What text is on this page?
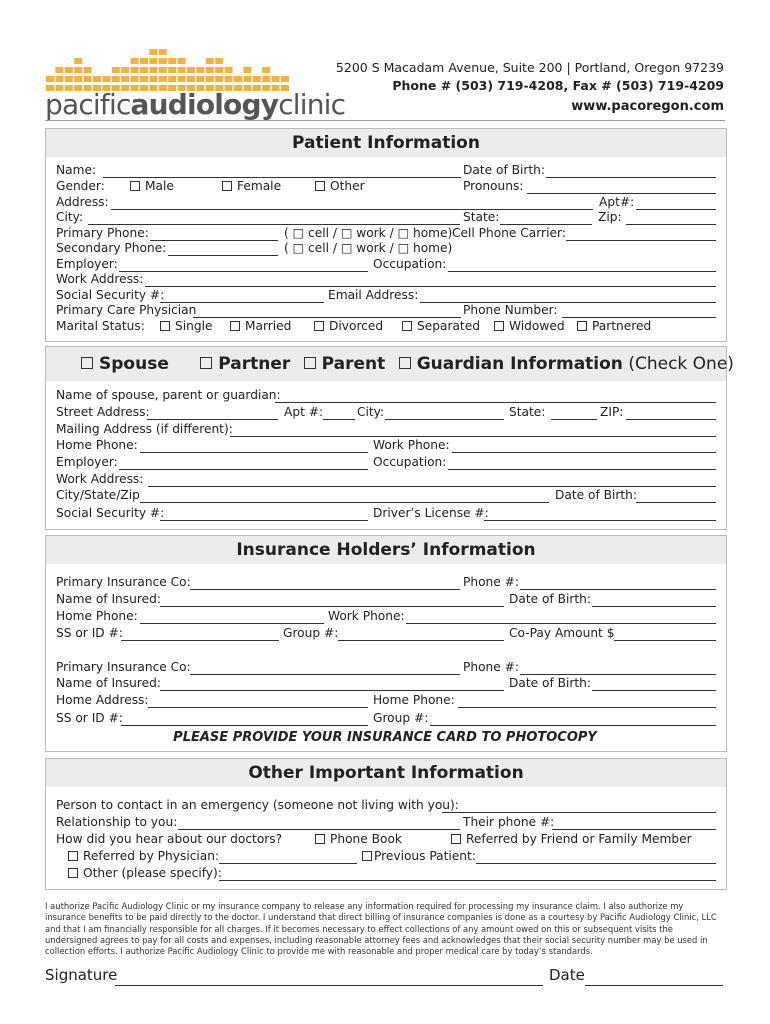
pacificaudiologyclinic
5200 S Macadam Avenue, Suite 200 | Portland, Oregon 97239
Phone # (503) 719-4208, Fax # (503) 719-4209
www.pacoregon.com
Patient Information
Name:	Date of Birth:
Gender:	Male	Female	Other	Pronouns:
Address:	Apt#:
City:	State:	Zip:
Primary Phone:	( □ cell / □ work / □ home) Cell Phone Carrier:
Secondary Phone:	( □ cell / □ work / □ home)
Employer:	Occupation:
Work Address:
Social Security #:	Email Address:
Primary Care Physician	Phone Number:
Marital Status:	Single	Married	Divorced	Separated	Widowed	Partnered
Spouse	Partner Parent Guardian Information (Check One)
Name of spouse, parent or guardian:
Street Address:	Apt #:	City:	State:	ZIP:
Mailing Address (if different):
Home Phone:	Work Phone:
Employer:	Occupation:
Work Address:
City/State/Zip	Date of Birth:
Social Security #:	Driver’s License #:
Insurance Holders’ Information
Primary Insurance Co:	Phone #:
Name of Insured:	Date of Birth:
Home Phone:	Work Phone:
SS or ID #:	Group #:	Co-Pay Amount $
Primary Insurance Co:	Phone #:
Name of Insured:	Date of Birth:
Home Address:	Home Phone:
SS or ID #:	Group #:
PLEASE PROVIDE YOUR INSURANCE CARD TO PHOTOCOPY
Other Important Information
Person to contact in an emergency (someone not living with you):
Relationship to you:	Their phone #:
How did you hear about our doctors?	Phone Book	Referred by Friend or Family Member
Referred by Physician:	Previous Patient:
Other (please specify):
I authorize Pacific Audiology Clinic or my insurance company to release any information required for processing my insurance claim. I also authorize my insurance benefits to be paid directly to the doctor. I understand that direct billing of insurance companies is done as a courtesy by Pacific Audiology Clinic, LLC and that I am financially responsible for all charges. If it becomes necessary to effect collections of any amount owed on this or subsequent visits the undersigned agrees to pay for all costs and expenses, including reasonable attorney fees and acknowledges that their social security number may be used in collection efforts. I authorize Pacific Audiology Clinic to provide me with reasonable and proper medical care by today’s standards.
Signature	Date
